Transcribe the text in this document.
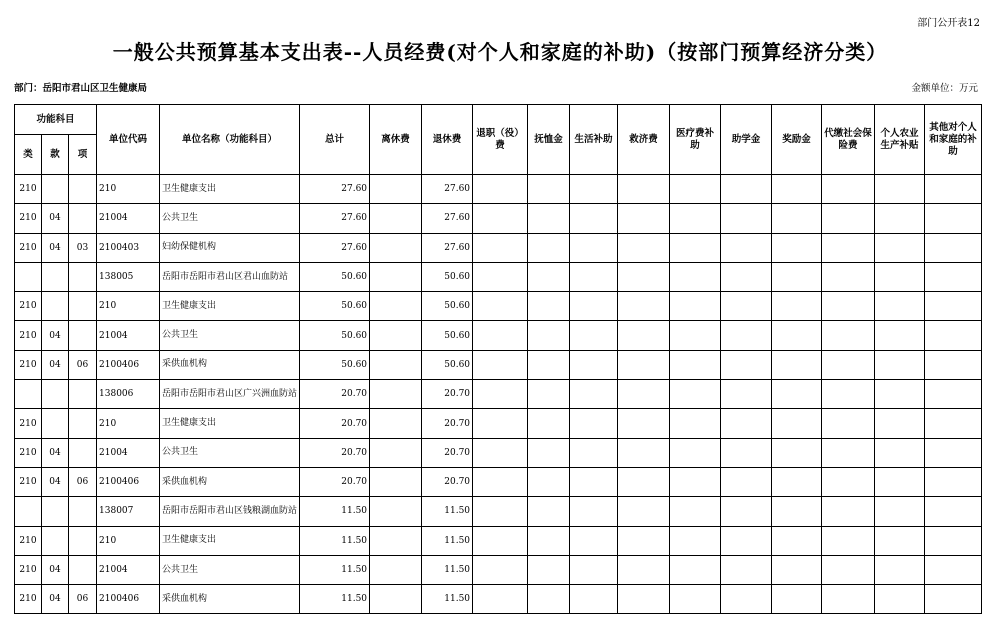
部门公开表12
一般公共预算基本支出表--人员经费(对个人和家庭的补助)（按部门预算经济分类）
部门：岳阳市君山区卫生健康局	金额单位：万元
功能科目			单位代码	单位名称（功能科目）	总计	离休费	退休费	退职（役）费	抚恤金	生活补助	救济费	医疗费补助	助学金	奖励金	代缴社会保险费	个人农业生产补贴	其他对个人和家庭的补助
类	款	项															
210			210	卫生健康支出	27.60		27.60										
210	04		21004	公共卫生	27.60		27.60										
210	04	03	2100403	妇幼保健机构	27.60		27.60										
			138005	岳阳市岳阳市君山区君山血防站	50.60		50.60										
210			210	卫生健康支出	50.60		50.60										
210	04		21004	公共卫生	50.60		50.60										
210	04	06	2100406	采供血机构	50.60		50.60										
			138006	岳阳市岳阳市君山区广兴洲血防站	20.70		20.70										
210			210	卫生健康支出	20.70		20.70										
210	04		21004	公共卫生	20.70		20.70										
210	04	06	2100406	采供血机构	20.70		20.70										
			138007	岳阳市岳阳市君山区钱粮湖血防站	11.50		11.50										
210			210	卫生健康支出	11.50		11.50										
210	04		21004	公共卫生	11.50		11.50										
210	04	06	2100406	采供血机构	11.50		11.50										
